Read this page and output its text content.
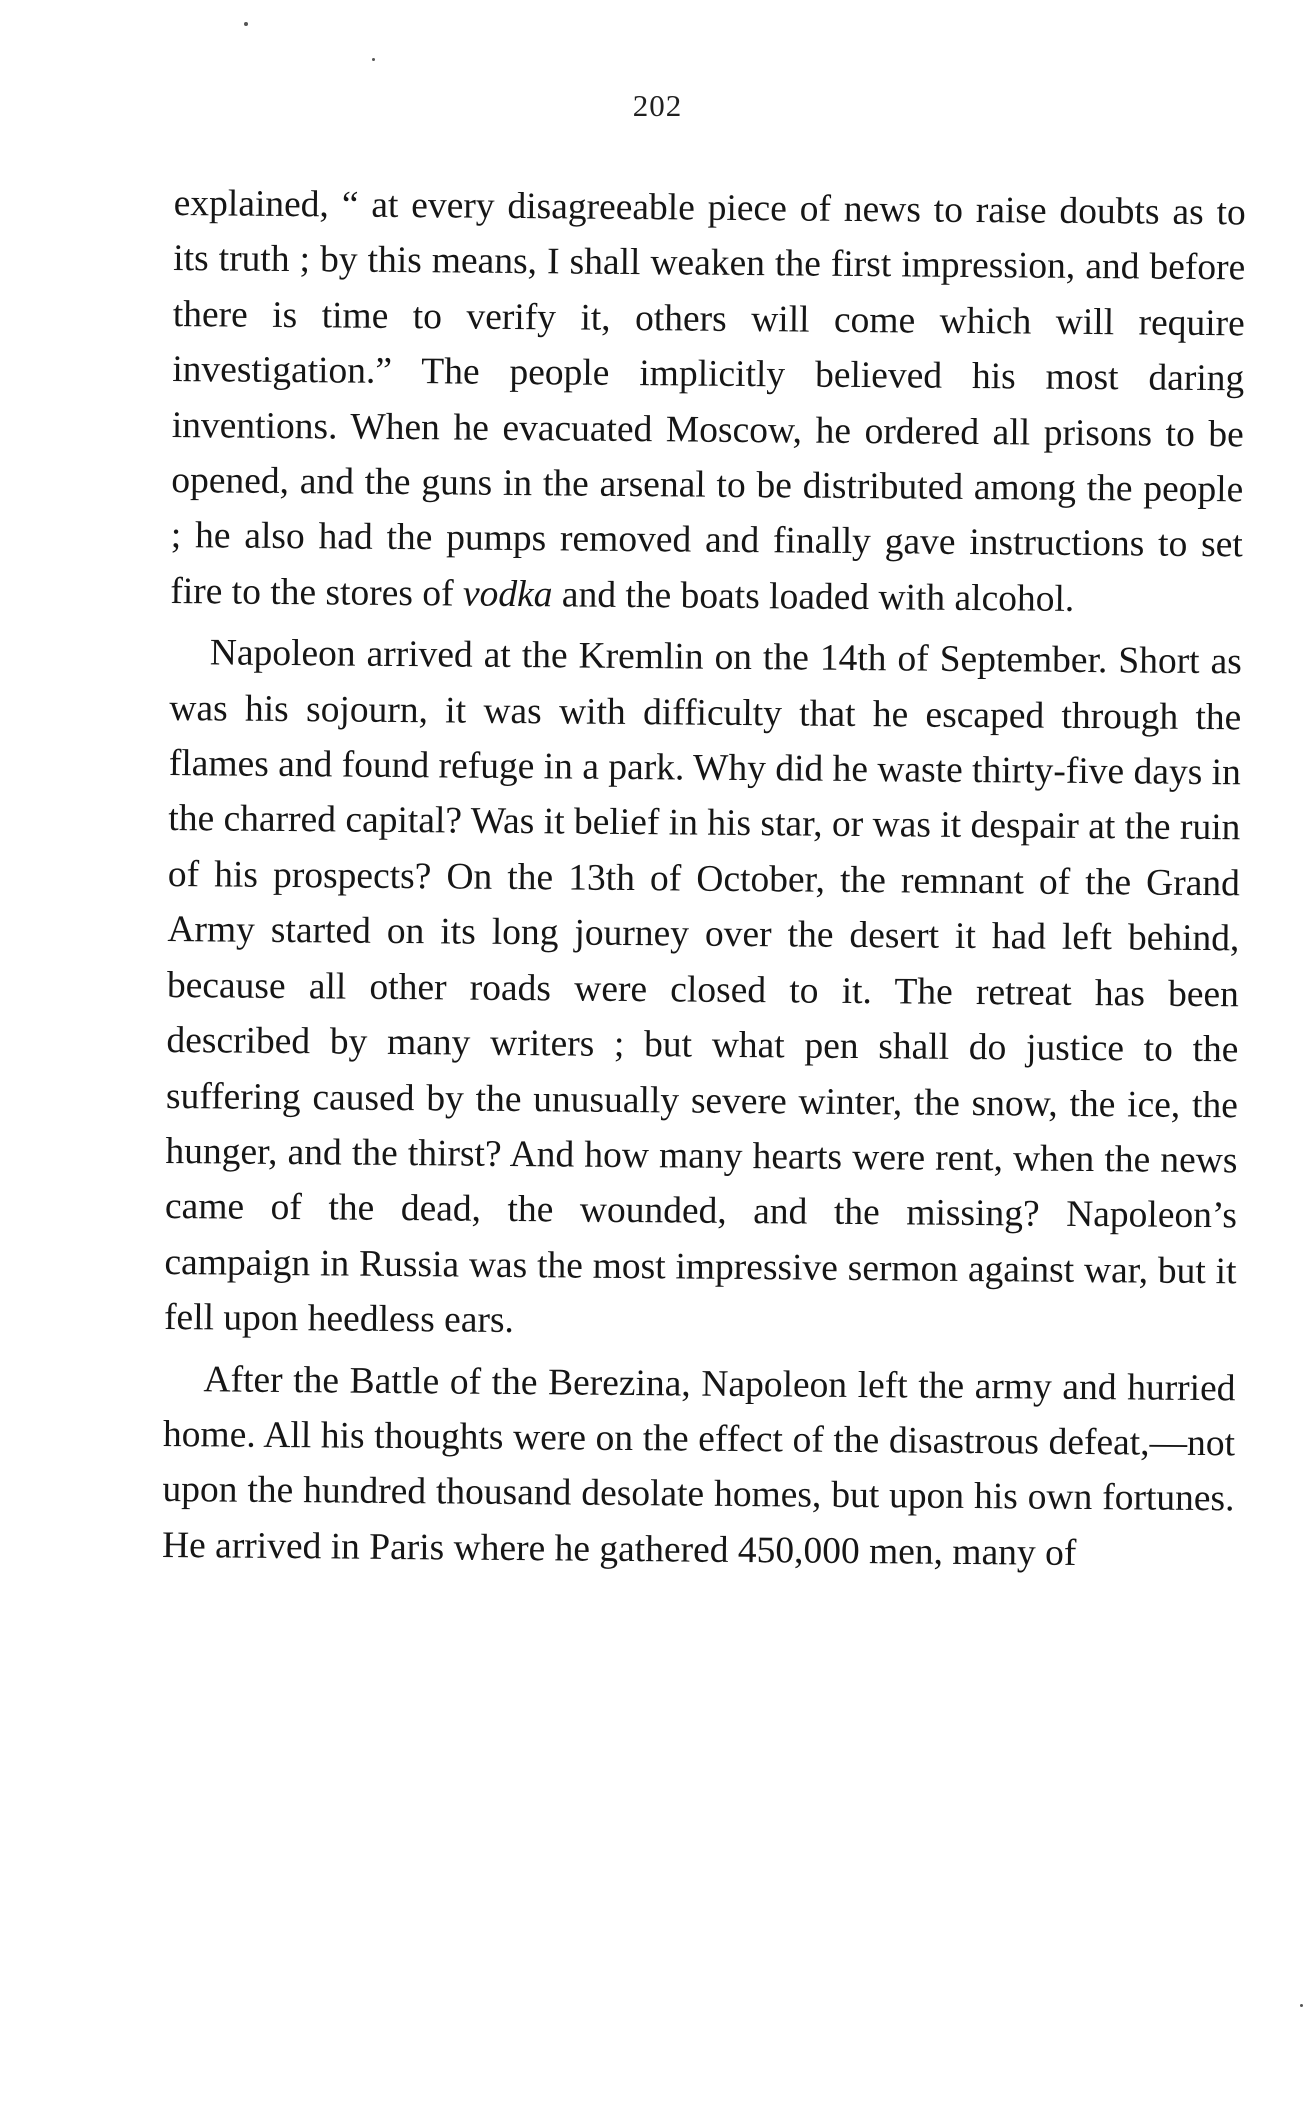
202

explained, “ at every disagreeable piece of news to raise doubts as to its truth ; by this means, I shall weaken the first impression, and before there is time to verify it, others will come which will require investigation.” The people implicitly believed his most daring inventions. When he evacuated Moscow, he ordered all prisons to be opened, and the guns in the arsenal to be distributed among the people ; he also had the pumps removed and finally gave instructions to set fire to the stores of vodka and the boats loaded with alcohol.

Napoleon arrived at the Kremlin on the 14th of September. Short as was his sojourn, it was with difficulty that he escaped through the flames and found refuge in a park. Why did he waste thirty-five days in the charred capital? Was it belief in his star, or was it despair at the ruin of his prospects? On the 13th of October, the remnant of the Grand Army started on its long journey over the desert it had left behind, because all other roads were closed to it. The retreat has been described by many writers ; but what pen shall do justice to the suffering caused by the unusually severe winter, the snow, the ice, the hunger, and the thirst? And how many hearts were rent, when the news came of the dead, the wounded, and the missing? Napoleon’s campaign in Russia was the most impressive sermon against war, but it fell upon heedless ears.

After the Battle of the Berezina, Napoleon left the army and hurried home. All his thoughts were on the effect of the disastrous defeat,—not upon the hundred thousand desolate homes, but upon his own fortunes. He arrived in Paris where he gathered 450,000 men, many of
